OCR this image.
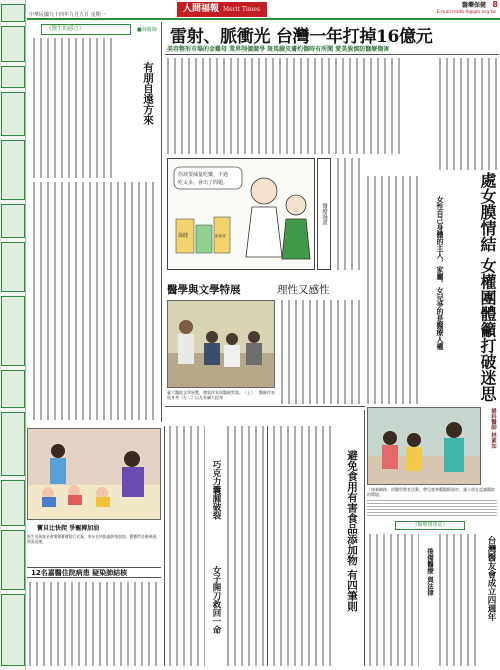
中華民國九十四年九月五日 星期一
人間福報 Merit Times
醫藥保健 8
E-mail:mtdb-9@gm.org.tw
《醫生的感言》	■林醫師
有朋自遠方來
雷射、脈衝光 台灣一年打掉16億元
美容整形市場的金雞母 業界削價競爭 斑馬臉皮膚灼傷時有所聞 愛美族慎防醫療傷害
你該要減量吃藥，不過
吃太多，會出了問題。
保健	維他命
醫療漫畫	女性自己身體的主人，家屬、女兒爭的是醫療人權	處女膜情結 女權團體籲打破迷思
醫學與文學特展	理性又感性
臺大醫院文學展覽，邀集作家與醫師對談。（上）：醫師作家瓶身秀（左二）以及家屬大提琴
婦科醫師 林素如
「康泰網路」的醫學教育活動，帶兒童參觀醫療器材，讓小朋友認識醫院的環境。
《醫療資訊站》
後備醫療 與法律	台灣醫友會成立四週年
寶貝比快爬 爭寵搏加油
衛生局與基金會舉辦寶寶爬行比賽，家長在終點處熱情加油，寶寶們各顯神通，場面逗趣。
12名嘉醫住院病患 疑染肺結核
巧克力囊腫破裂
女子開刀救回一命	避免食用有害食品添加物 有四筆則
